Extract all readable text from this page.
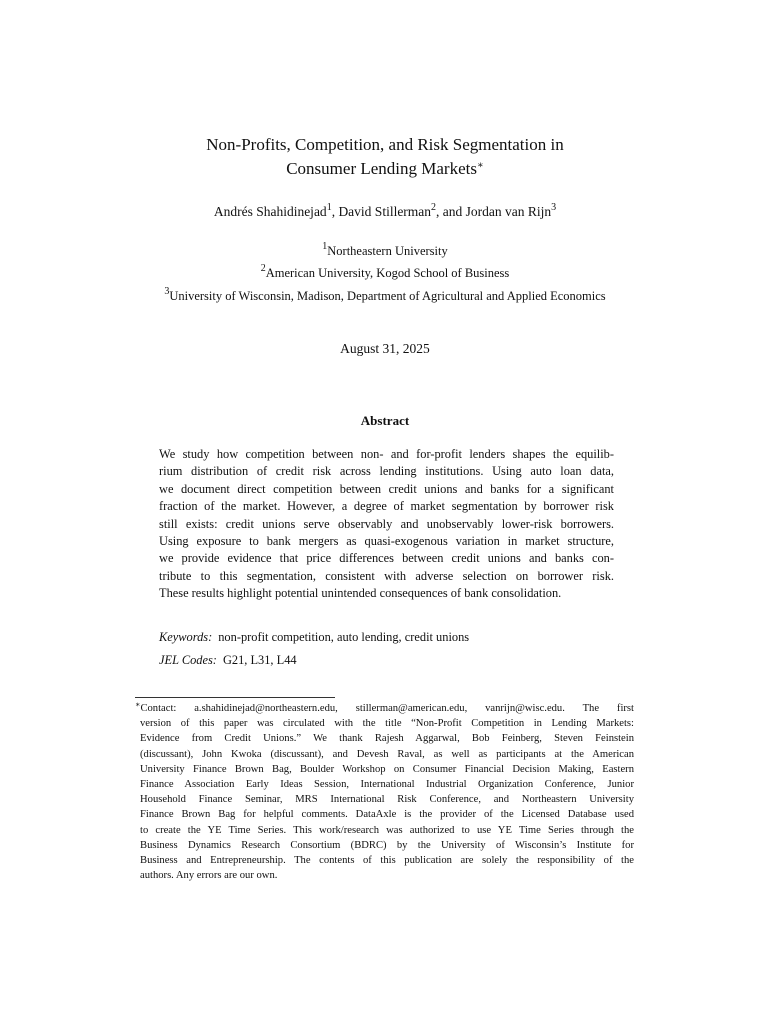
Non-Profits, Competition, and Risk Segmentation in
Consumer Lending Markets∗
Andrés Shahidinejad$^1$, David Stillerman$^2$, and Jordan van Rijn$^3$
$^1$Northeastern University
$^2$American University, Kogod School of Business
$^3$University of Wisconsin, Madison, Department of Agricultural and Applied Economics
August 31, 2025
Abstract
We study how competition between non- and for-profit lenders shapes the equilib-
rium distribution of credit risk across lending institutions. Using auto loan data,
we document direct competition between credit unions and banks for a significant
fraction of the market. However, a degree of market segmentation by borrower risk
still exists: credit unions serve observably and unobservably lower-risk borrowers.
Using exposure to bank mergers as quasi-exogenous variation in market structure,
we provide evidence that price differences between credit unions and banks con-
tribute to this segmentation, consistent with adverse selection on borrower risk.
These results highlight potential unintended consequences of bank consolidation.
Keywords: non-profit competition, auto lending, credit unions
JEL Codes: G21, L31, L44
∗Contact: a.shahidinejad@northeastern.edu, stillerman@american.edu, vanrijn@wisc.edu. The first
version of this paper was circulated with the title “Non-Profit Competition in Lending Markets:
Evidence from Credit Unions.” We thank Rajesh Aggarwal, Bob Feinberg, Steven Feinstein
(discussant), John Kwoka (discussant), and Devesh Raval, as well as participants at the American
University Finance Brown Bag, Boulder Workshop on Consumer Financial Decision Making, Eastern
Finance Association Early Ideas Session, International Industrial Organization Conference, Junior
Household Finance Seminar, MRS International Risk Conference, and Northeastern University
Finance Brown Bag for helpful comments. DataAxle is the provider of the Licensed Database used
to create the YE Time Series. This work/research was authorized to use YE Time Series through the
Business Dynamics Research Consortium (BDRC) by the University of Wisconsin’s Institute for
Business and Entrepreneurship. The contents of this publication are solely the responsibility of the
authors. Any errors are our own.
